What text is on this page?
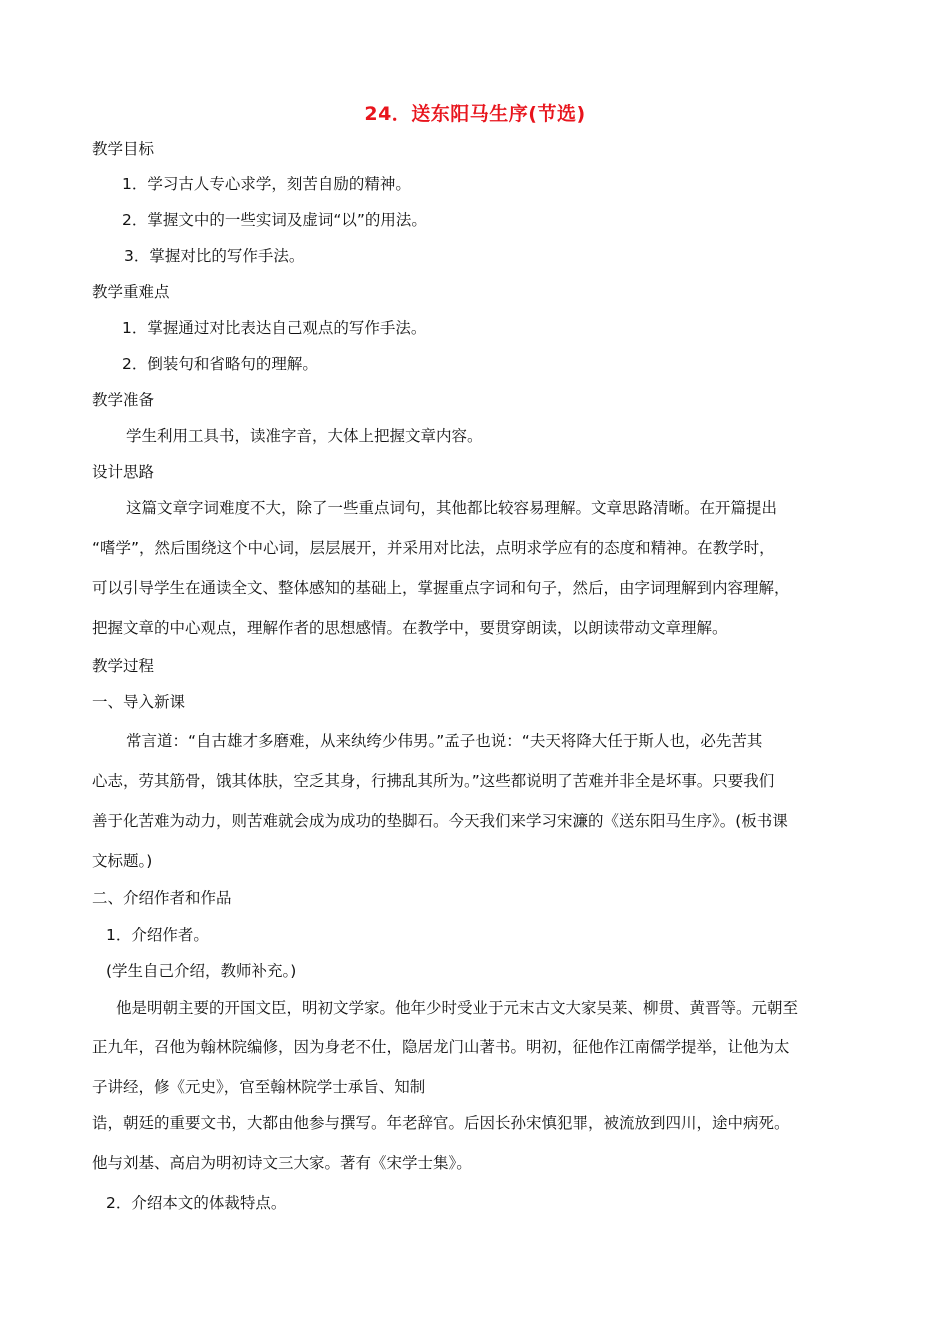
24．送东阳马生序(节选)
教学目标
1．学习古人专心求学，刻苦自励的精神。
2．掌握文中的一些实词及虚词“以”的用法。
3．掌握对比的写作手法。
教学重难点
1．掌握通过对比表达自己观点的写作手法。
2．倒装句和省略句的理解。
教学准备
学生利用工具书，读准字音，大体上把握文章内容。
设计思路
这篇文章字词难度不大，除了一些重点词句，其他都比较容易理解。文章思路清晰。在开篇提出
“嗜学”，然后围绕这个中心词，层层展开，并采用对比法，点明求学应有的态度和精神。在教学时，
可以引导学生在通读全文、整体感知的基础上，掌握重点字词和句子，然后，由字词理解到内容理解，
把握文章的中心观点，理解作者的思想感情。在教学中，要贯穿朗读，以朗读带动文章理解。
教学过程
一、导入新课
常言道：“自古雄才多磨难，从来纨绔少伟男。”孟子也说：“夫天将降大任于斯人也，必先苦其
心志，劳其筋骨，饿其体肤，空乏其身，行拂乱其所为。”这些都说明了苦难并非全是坏事。只要我们
善于化苦难为动力，则苦难就会成为成功的垫脚石。今天我们来学习宋濂的《送东阳马生序》。(板书课
文标题。)
二、介绍作者和作品
1．介绍作者。
(学生自己介绍，教师补充。)
他是明朝主要的开国文臣，明初文学家。他年少时受业于元末古文大家吴莱、柳贯、黄晋等。元朝至
正九年，召他为翰林院编修，因为身老不仕，隐居龙门山著书。明初，征他作江南儒学提举，让他为太
子讲经，修《元史》，官至翰林院学士承旨、知制
诰，朝廷的重要文书，大都由他参与撰写。年老辞官。后因长孙宋慎犯罪，被流放到四川，途中病死。
他与刘基、高启为明初诗文三大家。著有《宋学士集》。
2．介绍本文的体裁特点。
